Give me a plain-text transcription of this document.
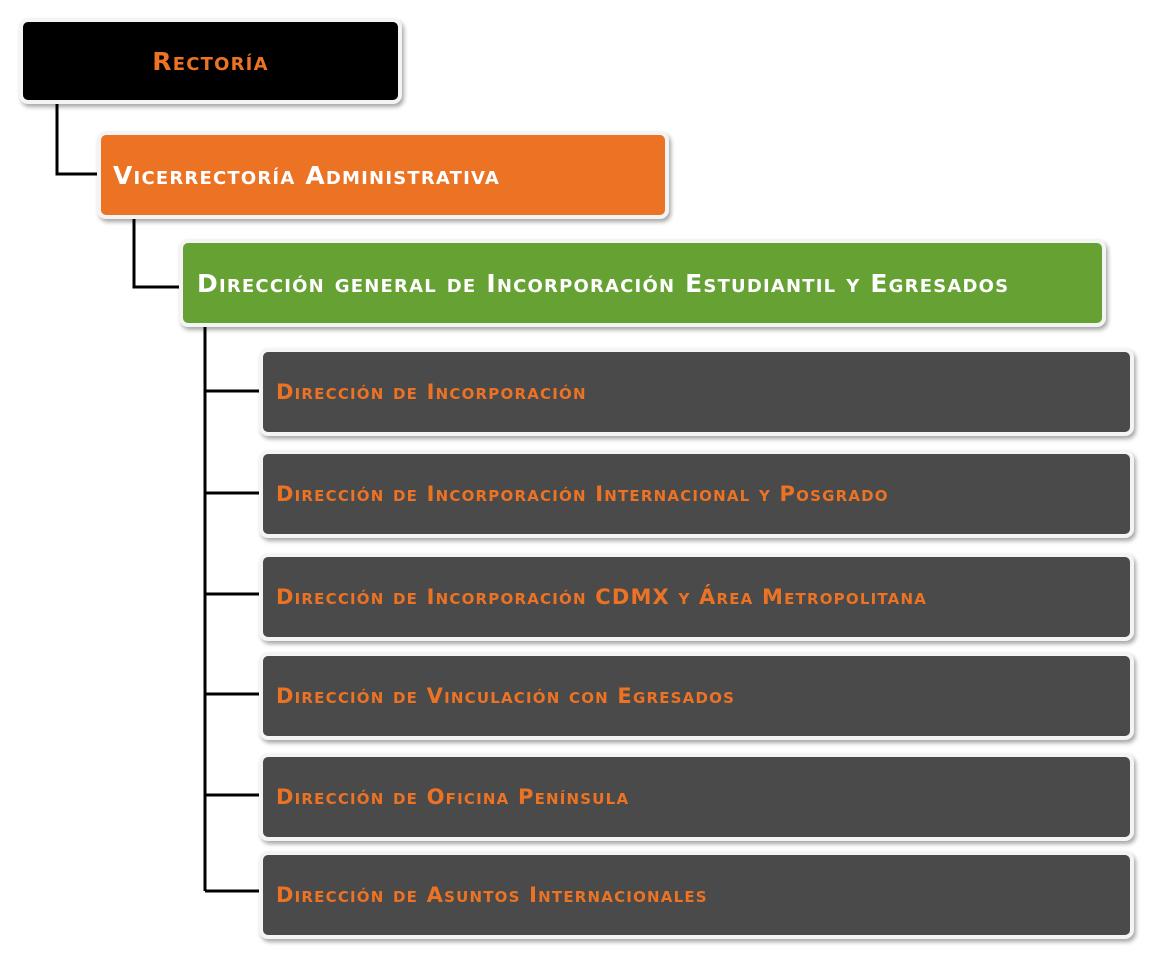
Rectoría
Vicerrectoría Administrativa
Dirección general de Incorporación Estudiantil y Egresados
Dirección de Incorporación
Dirección de Incorporación Internacional y Posgrado
Dirección de Incorporación CDMX y Área Metropolitana
Dirección de Vinculación con Egresados
Dirección de Oficina Península
Dirección de Asuntos Internacionales
